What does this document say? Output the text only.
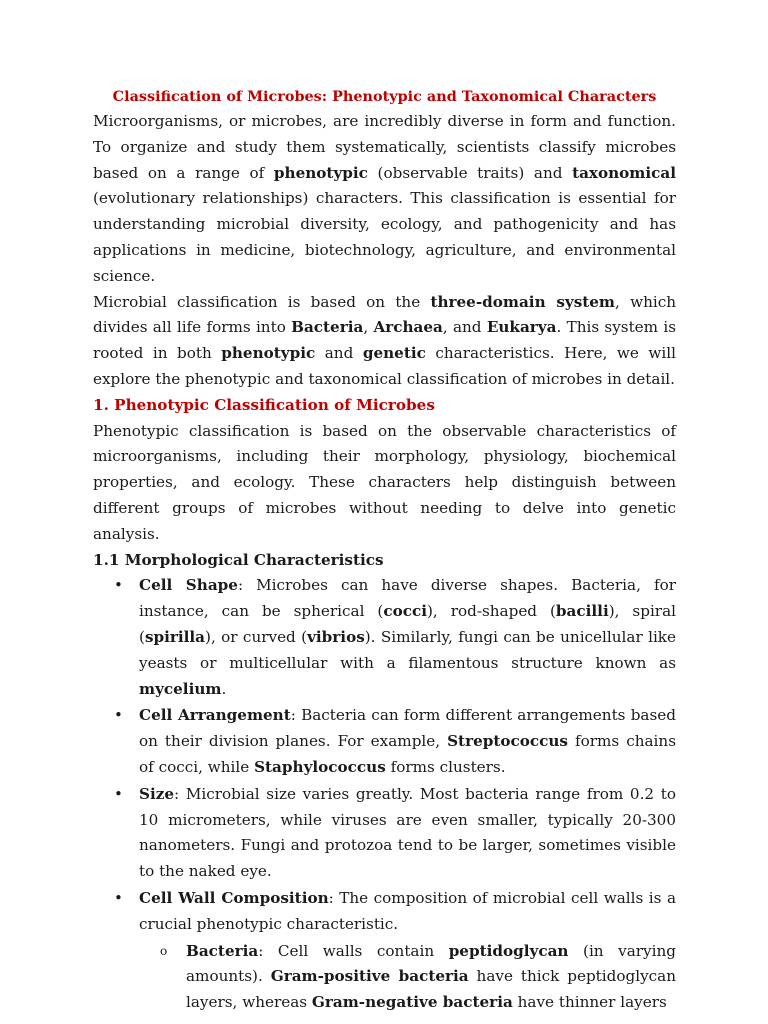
Classification of Microbes: Phenotypic and Taxonomical Characters

Microorganisms, or microbes, are incredibly diverse in form and function. To organize and study them systematically, scientists classify microbes based on a range of phenotypic (observable traits) and taxonomical (evolutionary relationships) characters. This classification is essential for understanding microbial diversity, ecology, and pathogenicity and has applications in medicine, biotechnology, agriculture, and environmental science.

Microbial classification is based on the three-domain system, which divides all life forms into Bacteria, Archaea, and Eukarya. This system is rooted in both phenotypic and genetic characteristics. Here, we will explore the phenotypic and taxonomical classification of microbes in detail.

1. Phenotypic Classification of Microbes

Phenotypic classification is based on the observable characteristics of microorganisms, including their morphology, physiology, biochemical properties, and ecology. These characters help distinguish between different groups of microbes without needing to delve into genetic analysis.

1.1 Morphological Characteristics

• Cell Shape: Microbes can have diverse shapes. Bacteria, for instance, can be spherical (cocci), rod-shaped (bacilli), spiral (spirilla), or curved (vibrios). Similarly, fungi can be unicellular like yeasts or multicellular with a filamentous structure known as mycelium.
• Cell Arrangement: Bacteria can form different arrangements based on their division planes. For example, Streptococcus forms chains of cocci, while Staphylococcus forms clusters.
• Size: Microbial size varies greatly. Most bacteria range from 0.2 to 10 micrometers, while viruses are even smaller, typically 20-300 nanometers. Fungi and protozoa tend to be larger, sometimes visible to the naked eye.
• Cell Wall Composition: The composition of microbial cell walls is a crucial phenotypic characteristic.
o Bacteria: Cell walls contain peptidoglycan (in varying amounts). Gram-positive bacteria have thick peptidoglycan layers, whereas Gram-negative bacteria have thinner layers
